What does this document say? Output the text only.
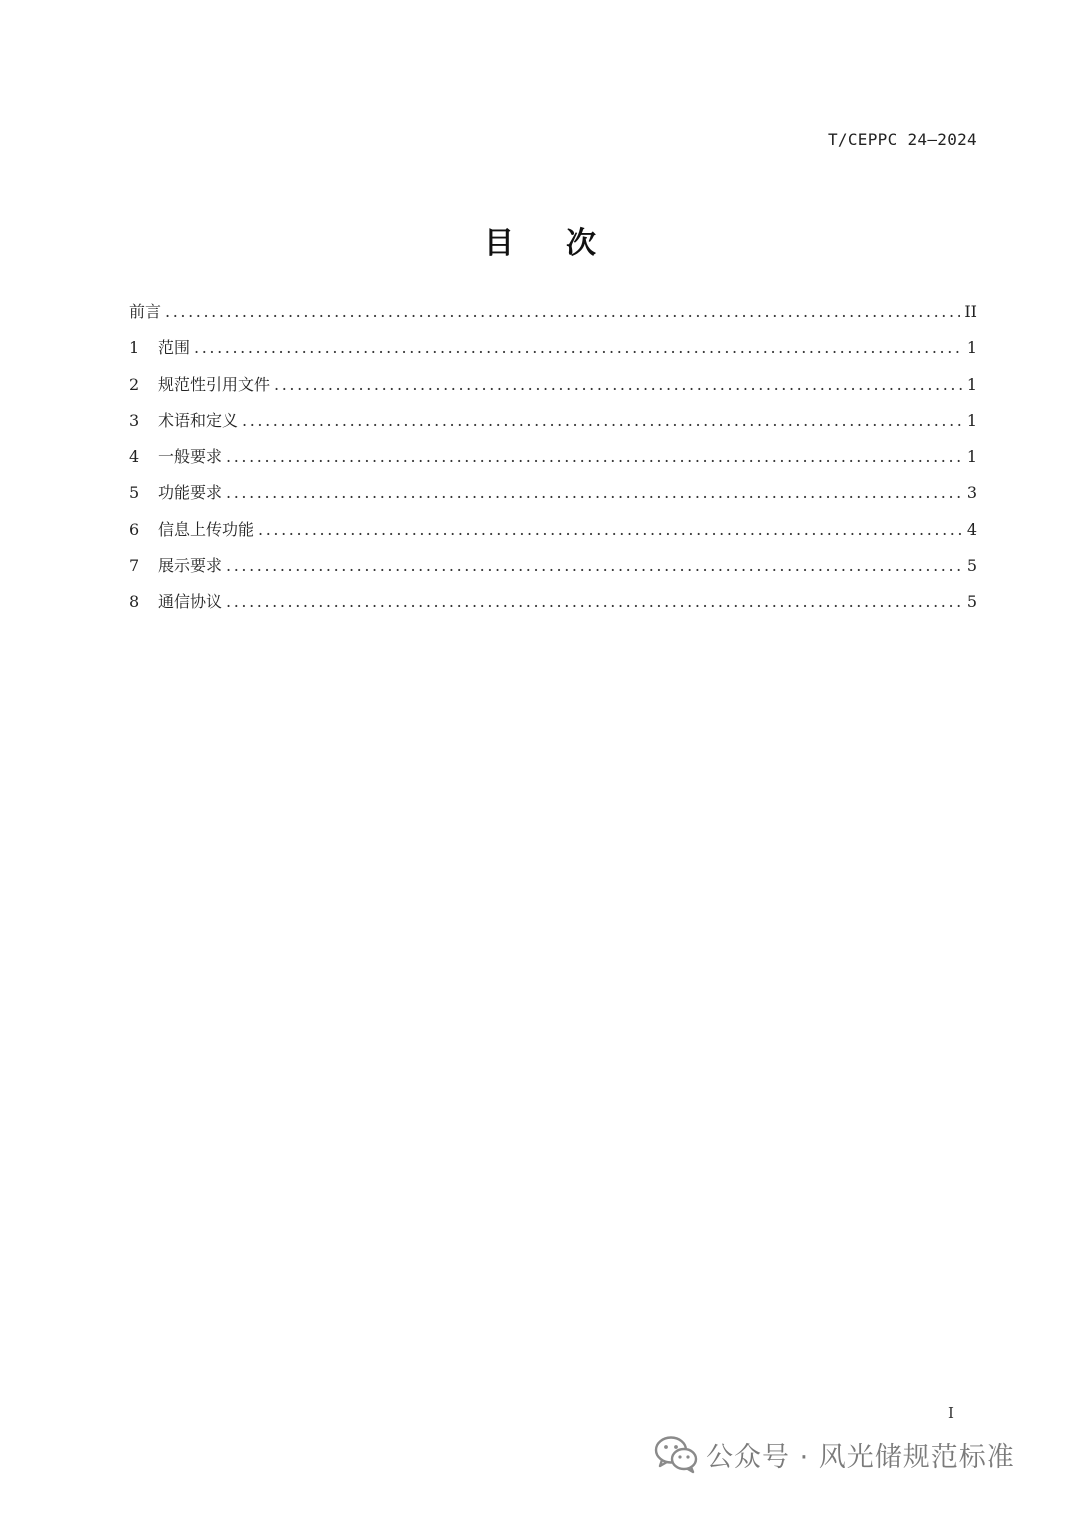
T/CEPPC 24—2024
目 次
前言 .....	II
1	范围 .....	1
2	规范性引用文件 .....	1
3	术语和定义 .....	1
4	一般要求 .....	1
5	功能要求 .....	3
6	信息上传功能 .....	4
7	展示要求 .....	5
8	通信协议 .....	5
I
公众号 · 风光储规范标准
